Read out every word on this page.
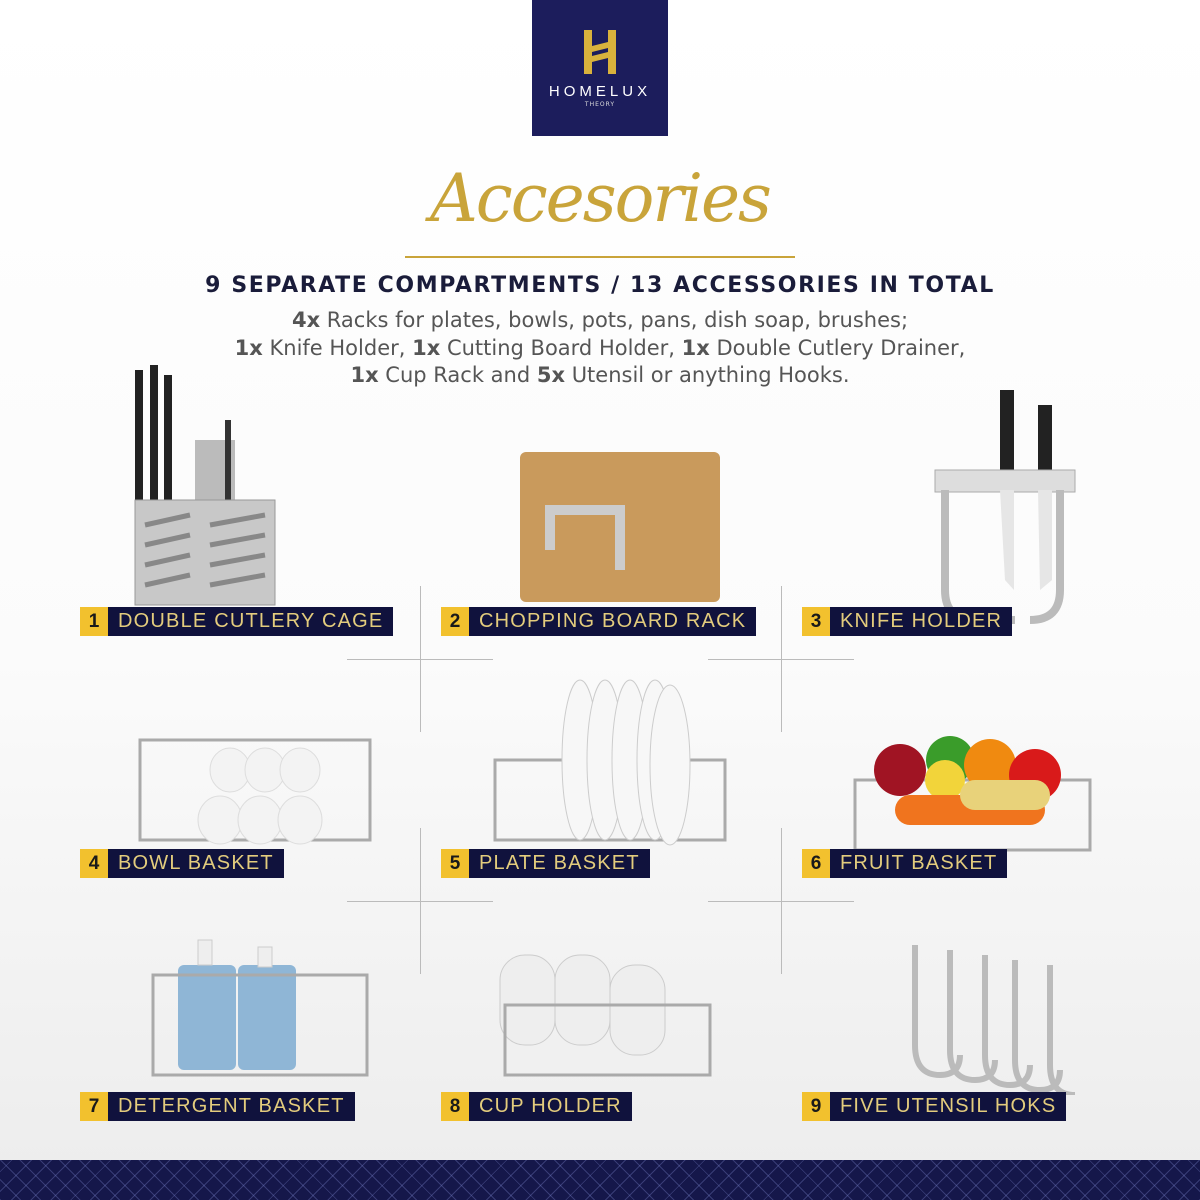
HOMELUX
THEORY
Accesories
9 SEPARATE COMPARTMENTS / 13 ACCESSORIES IN TOTAL
4x Racks for plates, bowls, pots, pans, dish soap, brushes;
1x Knife Holder, 1x Cutting Board Holder, 1x Double Cutlery Drainer,
1x Cup Rack and 5x Utensil or anything Hooks.
1 DOUBLE CUTLERY CAGE	2 CHOPPING BOARD RACK	3 KNIFE HOLDER
4 BOWL BASKET	5 PLATE BASKET	6 FRUIT BASKET
7 DETERGENT BASKET	8 CUP HOLDER	9 FIVE UTENSIL HOKS
